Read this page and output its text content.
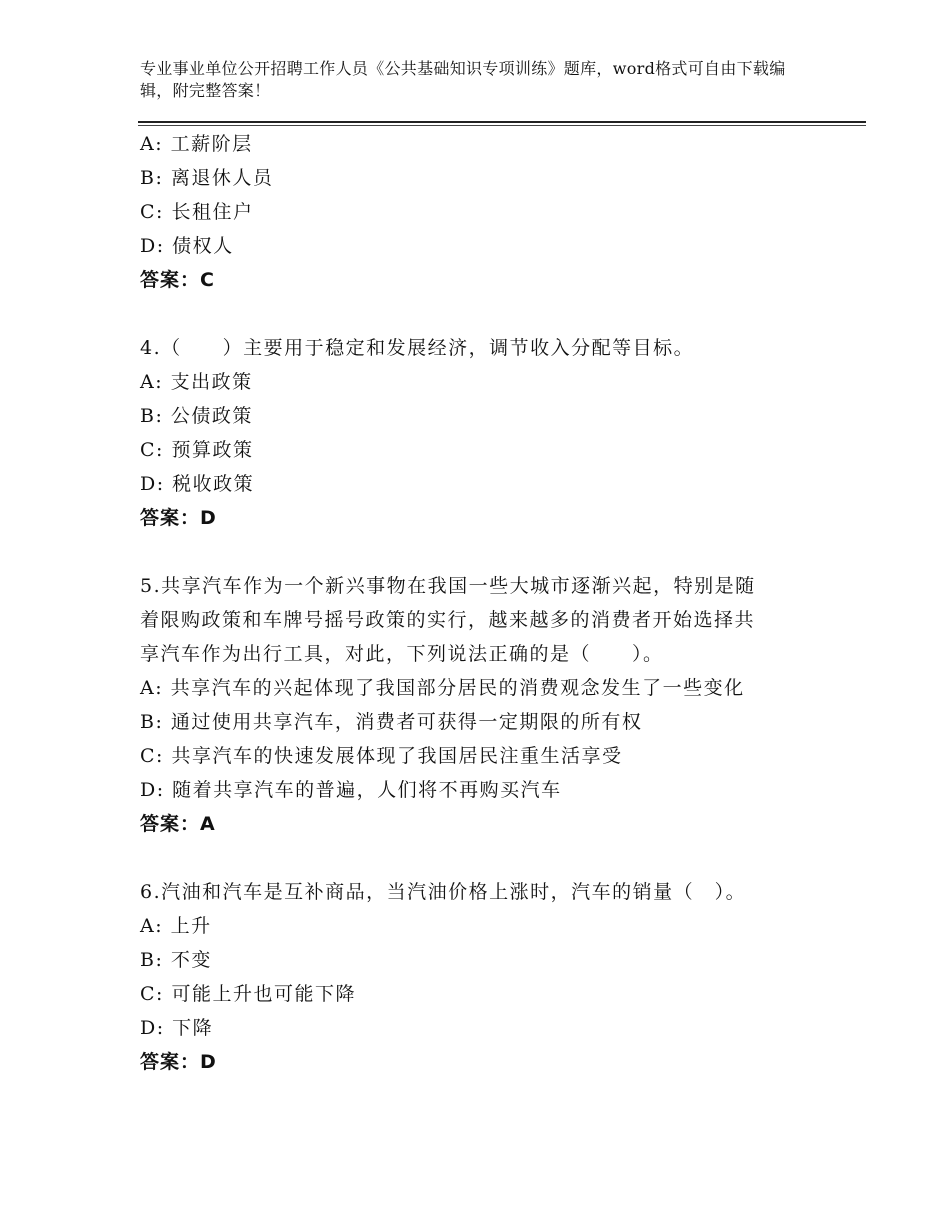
专业事业单位公开招聘工作人员《公共基础知识专项训练》题库，word格式可自由下载编辑，附完整答案！
A: 工薪阶层
B: 离退休人员
C: 长租住户
D: 债权人
答案：C
4.（　　）主要用于稳定和发展经济，调节收入分配等目标。
A: 支出政策
B: 公债政策
C: 预算政策
D: 税收政策
答案：D
5.共享汽车作为一个新兴事物在我国一些大城市逐渐兴起，特别是随
着限购政策和车牌号摇号政策的实行，越来越多的消费者开始选择共
享汽车作为出行工具，对此，下列说法正确的是（　　）。
A: 共享汽车的兴起体现了我国部分居民的消费观念发生了一些变化
B: 通过使用共享汽车，消费者可获得一定期限的所有权
C: 共享汽车的快速发展体现了我国居民注重生活享受
D: 随着共享汽车的普遍，人们将不再购买汽车
答案：A
6.汽油和汽车是互补商品，当汽油价格上涨时，汽车的销量（　）。
A: 上升
B: 不变
C: 可能上升也可能下降
D: 下降
答案：D
